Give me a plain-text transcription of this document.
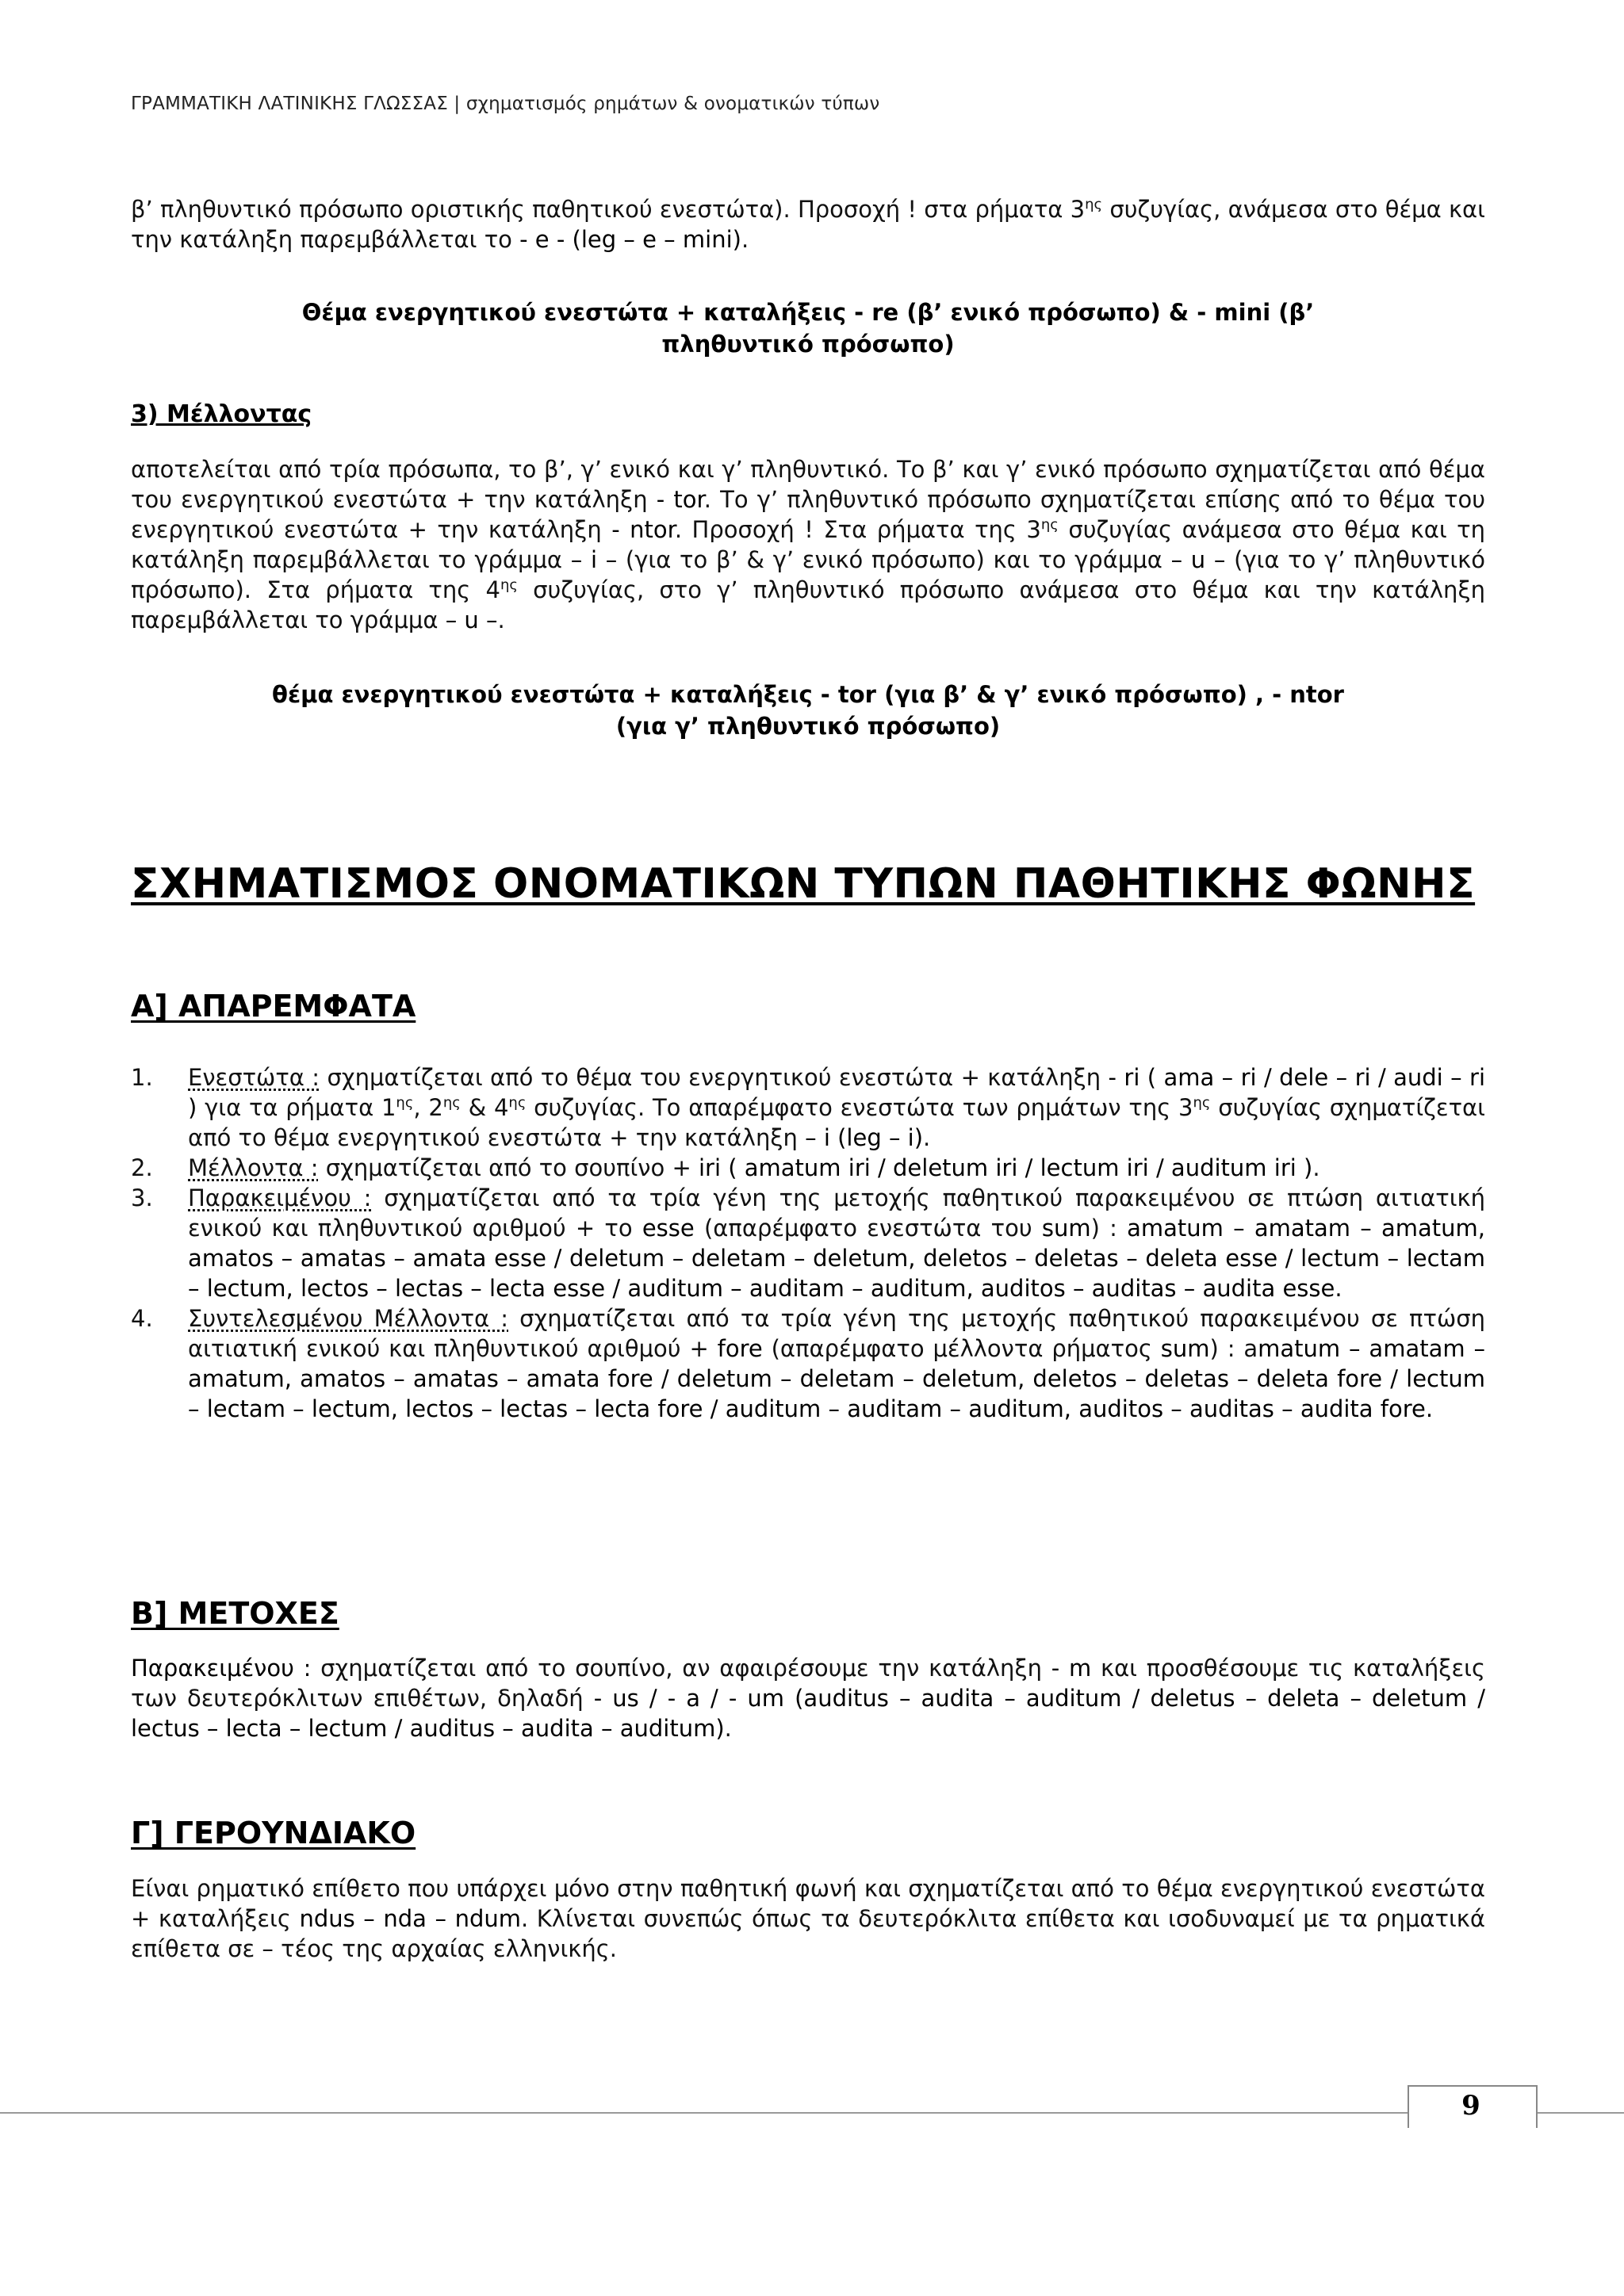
ΓΡΑΜΜΑΤΙΚΗ ΛΑΤΙΝΙΚΗΣ ΓΛΩΣΣΑΣ | σχηματισμός ρημάτων & ονοματικών τύπων
β’ πληθυντικό πρόσωπο οριστικής παθητικού ενεστώτα). Προσοχή ! στα ρήματα $3^{\eta\varsigma}$ συζυγίας, ανάμεσα στο θέμα και την κατάληξη παρεμβάλλεται το - e - (leg – e – mini).
Θέμα ενεργητικού ενεστώτα + καταλήξεις - re (β’ ενικό πρόσωπο) & - mini (β’ πληθυντικό πρόσωπο)
3) Μέλλοντας
αποτελείται από τρία πρόσωπα, το β’, γ’ ενικό και γ’ πληθυντικό. Το β’ και γ’ ενικό πρόσωπο σχηματίζεται από θέμα του ενεργητικού ενεστώτα + την κατάληξη - tor. Το γ’ πληθυντικό πρόσωπο σχηματίζεται επίσης από το θέμα του ενεργητικού ενεστώτα + την κατάληξη - ntor. Προσοχή ! Στα ρήματα της $3^{\eta\varsigma}$ συζυγίας ανάμεσα στο θέμα και τη κατάληξη παρεμβάλλεται το γράμμα – i – (για το β’ & γ’ ενικό πρόσωπο) και το γράμμα – u – (για το γ’ πληθυντικό πρόσωπο). Στα ρήματα της $4^{\eta\varsigma}$ συζυγίας, στο γ’ πληθυντικό πρόσωπο ανάμεσα στο θέμα και την κατάληξη παρεμβάλλεται το γράμμα – u –.
θέμα ενεργητικού ενεστώτα + καταλήξεις - tor (για β’ & γ’ ενικό πρόσωπο) , - ntor (για γ’ πληθυντικό πρόσωπο)
ΣΧΗΜΑΤΙΣΜΟΣ ΟΝΟΜΑΤΙΚΩΝ ΤΥΠΩΝ ΠΑΘΗΤΙΚΗΣ ΦΩΝΗΣ
Α] ΑΠΑΡΕΜΦΑΤΑ
1. Ενεστώτα : σχηματίζεται από το θέμα του ενεργητικού ενεστώτα + κατάληξη - ri ( ama – ri / dele – ri / audi – ri ) για τα ρήματα $1^{\eta\varsigma}$, $2^{\eta\varsigma}$ & $4^{\eta\varsigma}$ συζυγίας. Το απαρέμφατο ενεστώτα των ρημάτων της $3^{\eta\varsigma}$ συζυγίας σχηματίζεται από το θέμα ενεργητικού ενεστώτα + την κατάληξη – i (leg – i).
2. Μέλλοντα : σχηματίζεται από το σουπίνο + iri ( amatum iri / deletum iri / lectum iri / auditum iri ).
3. Παρακειμένου : σχηματίζεται από τα τρία γένη της μετοχής παθητικού παρακειμένου σε πτώση αιτιατική ενικού και πληθυντικού αριθμού + το esse (απαρέμφατο ενεστώτα του sum) : amatum – amatam – amatum, amatos – amatas – amata esse / deletum – deletam – deletum, deletos – deletas – deleta esse / lectum – lectam – lectum, lectos – lectas – lecta esse / auditum – auditam – auditum, auditos – auditas – audita esse.
4. Συντελεσμένου Μέλλοντα : σχηματίζεται από τα τρία γένη της μετοχής παθητικού παρακειμένου σε πτώση αιτιατική ενικού και πληθυντικού αριθμού + fore (απαρέμφατο μέλλοντα ρήματος sum) : amatum – amatam – amatum, amatos – amatas – amata fore / deletum – deletam – deletum, deletos – deletas – deleta fore / lectum – lectam – lectum, lectos – lectas – lecta fore / auditum – auditam – auditum, auditos – auditas – audita fore.
Β] ΜΕΤΟΧΕΣ
Παρακειμένου : σχηματίζεται από το σουπίνο, αν αφαιρέσουμε την κατάληξη - m και προσθέσουμε τις καταλήξεις των δευτερόκλιτων επιθέτων, δηλαδή - us / - a / - um (auditus – audita – auditum / deletus – deleta – deletum / lectus – lecta – lectum / auditus – audita – auditum).
Γ] ΓΕΡΟΥΝΔΙΑΚΟ
Είναι ρηματικό επίθετο που υπάρχει μόνο στην παθητική φωνή και σχηματίζεται από το θέμα ενεργητικού ενεστώτα + καταλήξεις ndus – nda – ndum. Κλίνεται συνεπώς όπως τα δευτερόκλιτα επίθετα και ισοδυναμεί με τα ρηματικά επίθετα σε – τέος της αρχαίας ελληνικής.
9
